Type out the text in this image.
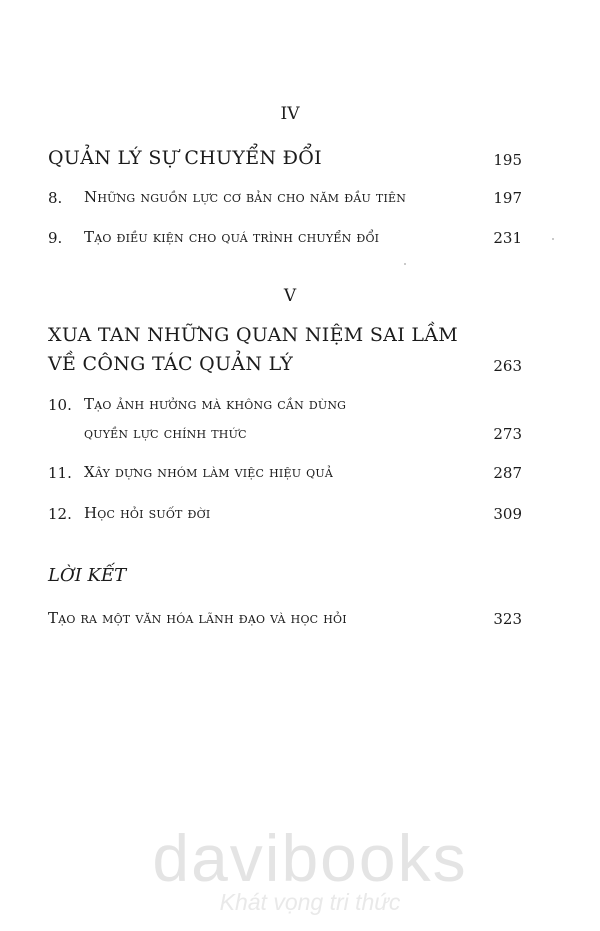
IV
QUẢN LÝ SỰ CHUYỂN ĐỔI	195
8. Những nguồn lực cơ bản cho năm đầu tiên	197
9. Tạo điều kiện cho quá trình chuyển đổi	231
V
XUA TAN NHỮNG QUAN NIỆM SAI LẦM
VỀ CÔNG TÁC QUẢN LÝ	263
10. Tạo ảnh hưởng mà không cần dùng
quyền lực chính thức	273
11. Xây dựng nhóm làm việc hiệu quả	287
12. Học hỏi suốt đời	309
LỜI KẾT
Tạo ra một văn hóa lãnh đạo và học hỏi	323
davibooks
Khát vọng tri thức
